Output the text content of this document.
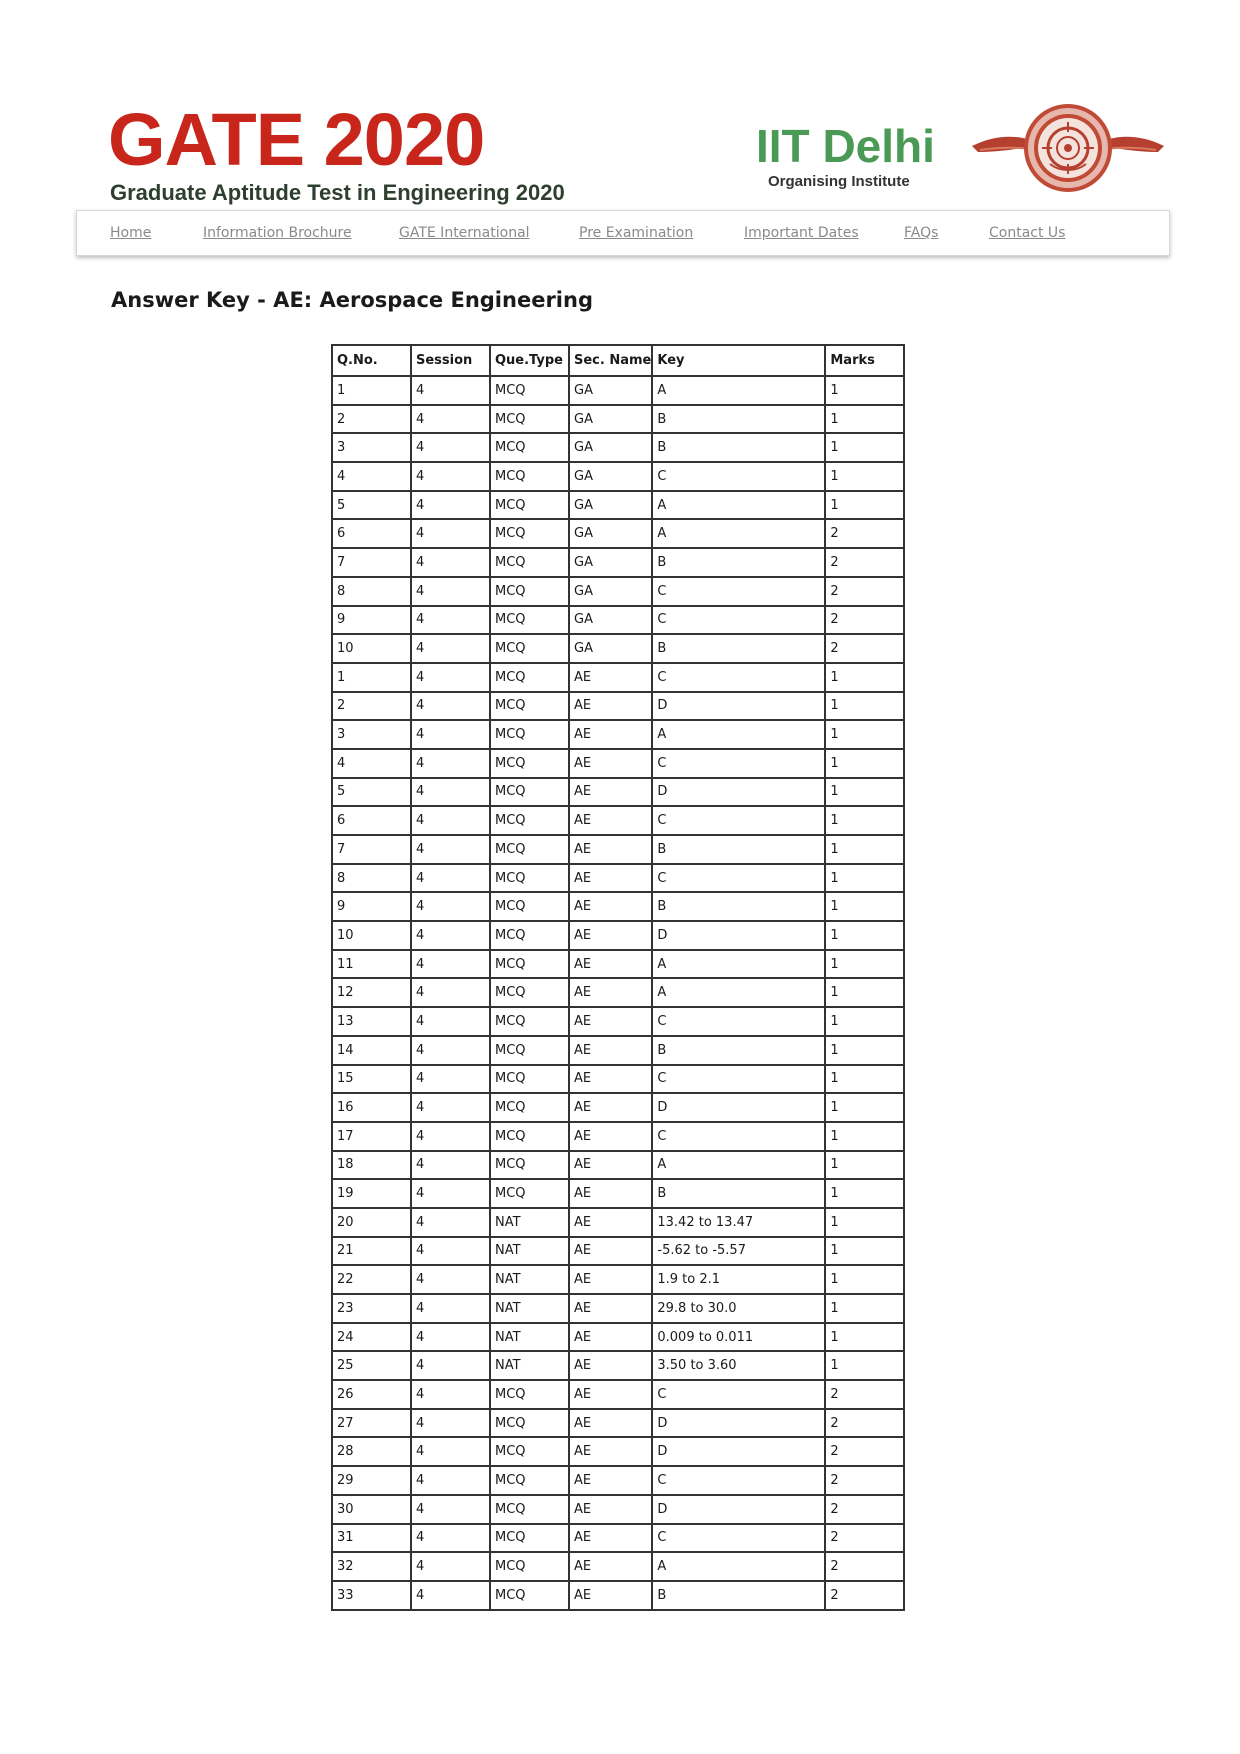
GATE 2020

Graduate Aptitude Test in Engineering 2020

IIT Delhi

Organising Institute

Home	Information Brochure	GATE International	Pre Examination	Important Dates	FAQs	Contact Us
Answer Key - AE: Aerospace Engineering
Q.No.	Session	Que.Type	Sec. Name	Key	Marks
1	4	MCQ	GA	A	1
2	4	MCQ	GA	B	1
3	4	MCQ	GA	B	1
4	4	MCQ	GA	C	1
5	4	MCQ	GA	A	1
6	4	MCQ	GA	A	2
7	4	MCQ	GA	B	2
8	4	MCQ	GA	C	2
9	4	MCQ	GA	C	2
10	4	MCQ	GA	B	2
1	4	MCQ	AE	C	1
2	4	MCQ	AE	D	1
3	4	MCQ	AE	A	1
4	4	MCQ	AE	C	1
5	4	MCQ	AE	D	1
6	4	MCQ	AE	C	1
7	4	MCQ	AE	B	1
8	4	MCQ	AE	C	1
9	4	MCQ	AE	B	1
10	4	MCQ	AE	D	1
11	4	MCQ	AE	A	1
12	4	MCQ	AE	A	1
13	4	MCQ	AE	C	1
14	4	MCQ	AE	B	1
15	4	MCQ	AE	C	1
16	4	MCQ	AE	D	1
17	4	MCQ	AE	C	1
18	4	MCQ	AE	A	1
19	4	MCQ	AE	B	1
20	4	NAT	AE	13.42 to 13.47	1
21	4	NAT	AE	-5.62 to -5.57	1
22	4	NAT	AE	1.9 to 2.1	1
23	4	NAT	AE	29.8 to 30.0	1
24	4	NAT	AE	0.009 to 0.011	1
25	4	NAT	AE	3.50 to 3.60	1
26	4	MCQ	AE	C	2
27	4	MCQ	AE	D	2
28	4	MCQ	AE	D	2
29	4	MCQ	AE	C	2
30	4	MCQ	AE	D	2
31	4	MCQ	AE	C	2
32	4	MCQ	AE	A	2
33	4	MCQ	AE	B	2
